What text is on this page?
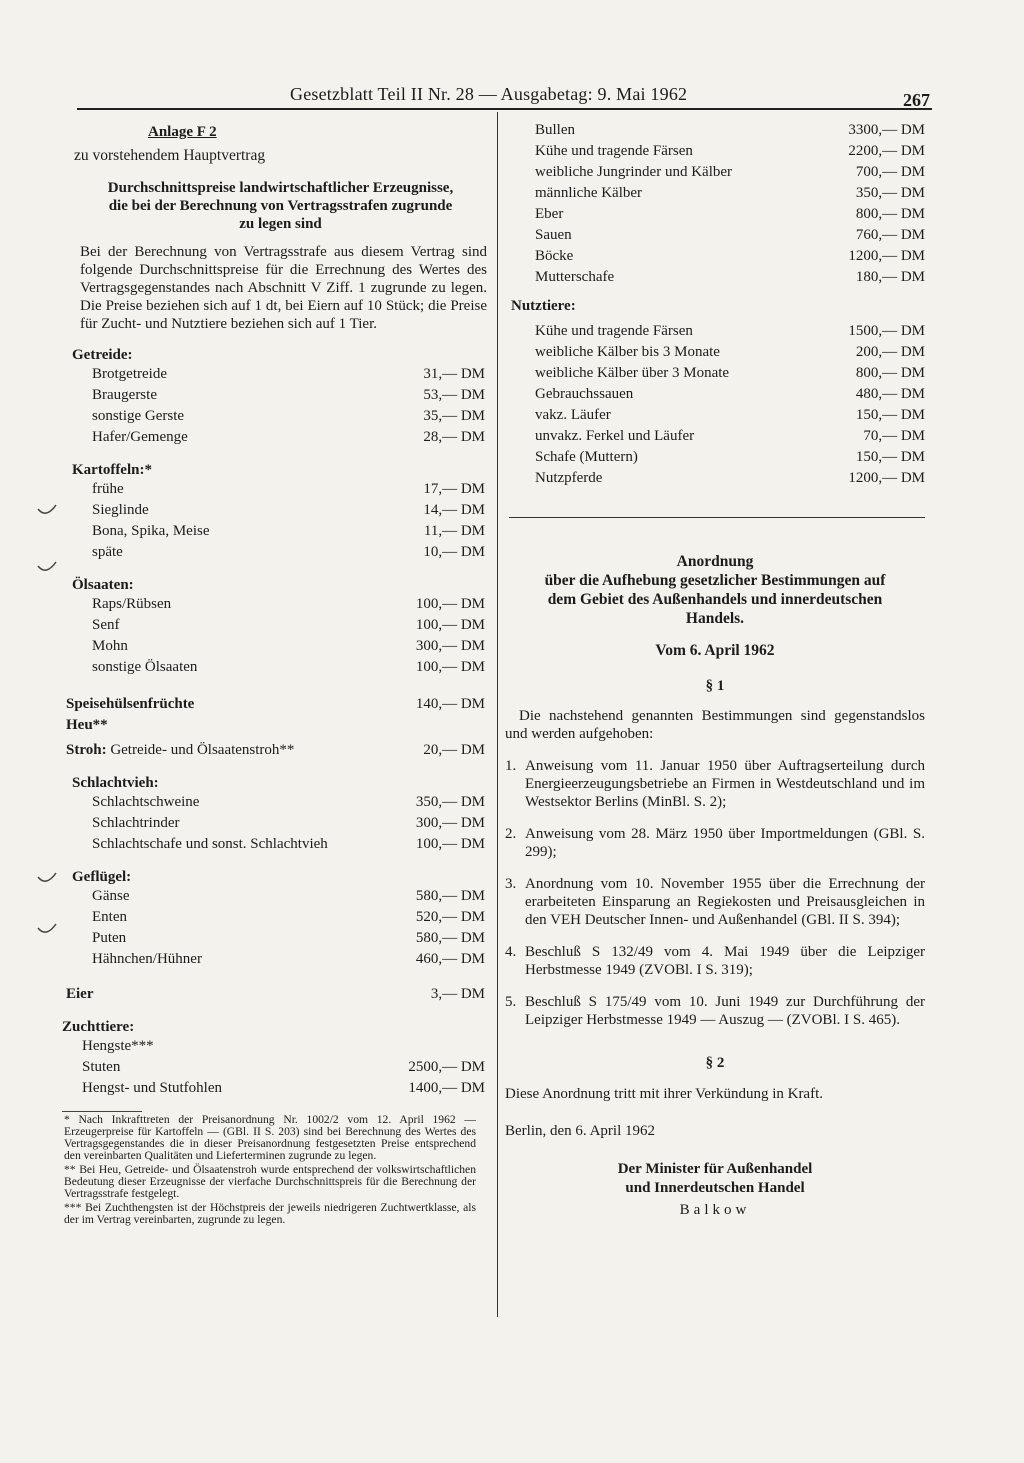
Gesetzblatt Teil II Nr. 28 — Ausgabetag: 9. Mai 1962	267
Anlage F 2
zu vorstehendem Hauptvertrag
Durchschnittspreise landwirtschaftlicher Erzeugnisse,
die bei der Berechnung von Vertragsstrafen zugrunde
zu legen sind
Bei der Berechnung von Vertragsstrafe aus diesem Vertrag sind folgende Durchschnittspreise für die Errechnung des Wertes des Vertragsgegenstandes nach Abschnitt V Ziff. 1 zugrunde zu legen. Die Preise beziehen sich auf 1 dt, bei Eiern auf 10 Stück; die Preise für Zucht- und Nutztiere beziehen sich auf 1 Tier.
Getreide:
Brotgetreide	31,— DM
Braugerste	53,— DM
sonstige Gerste	35,— DM
Hafer/Gemenge	28,— DM
Kartoffeln:*
frühe	17,— DM
Sieglinde	14,— DM
Bona, Spika, Meise	11,— DM
späte	10,— DM
Ölsaaten:
Raps/Rübsen	100,— DM
Senf	100,— DM
Mohn	300,— DM
sonstige Ölsaaten	100,— DM
Speisehülsenfrüchte	140,— DM
Heu**
Stroh: Getreide- und Ölsaatenstroh**	20,— DM
Schlachtvieh:
Schlachtschweine	350,— DM
Schlachtrinder	300,— DM
Schlachtschafe und sonst. Schlachtvieh	100,— DM
Geflügel:
Gänse	580,— DM
Enten	520,— DM
Puten	580,— DM
Hähnchen/Hühner	460,— DM
Eier	3,— DM
Zuchttiere:
Hengste***
Stuten	2500,— DM
Hengst- und Stutfohlen	1400,— DM
* Nach Inkrafttreten der Preisanordnung Nr. 1002/2 vom 12. April 1962 — Erzeugerpreise für Kartoffeln — (GBl. II S. 203) sind bei Berechnung des Wertes des Vertragsgegenstandes die in dieser Preisanordnung festgesetzten Preise entsprechend den vereinbarten Qualitäten und Lieferterminen zugrunde zu legen.
** Bei Heu, Getreide- und Ölsaatenstroh wurde entsprechend der volkswirtschaftlichen Bedeutung dieser Erzeugnisse der vierfache Durchschnittspreis für die Berechnung der Vertragsstrafe festgelegt.
*** Bei Zuchthengsten ist der Höchstpreis der jeweils niedrigeren Zuchtwertklasse, als der im Vertrag vereinbarten, zugrunde zu legen.
Bullen	3300,— DM
Kühe und tragende Färsen	2200,— DM
weibliche Jungrinder und Kälber	700,— DM
männliche Kälber	350,— DM
Eber	800,— DM
Sauen	760,— DM
Böcke	1200,— DM
Mutterschafe	180,— DM
Nutztiere:
Kühe und tragende Färsen	1500,— DM
weibliche Kälber bis 3 Monate	200,— DM
weibliche Kälber über 3 Monate	800,— DM
Gebrauchssauen	480,— DM
vakz. Läufer	150,— DM
unvakz. Ferkel und Läufer	70,— DM
Schafe (Muttern)	150,— DM
Nutzpferde	1200,— DM
Anordnung
über die Aufhebung gesetzlicher Bestimmungen auf
dem Gebiet des Außenhandels und innerdeutschen
Handels.
Vom 6. April 1962
§ 1
Die nachstehend genannten Bestimmungen sind gegenstandslos und werden aufgehoben:
1. Anweisung vom 11. Januar 1950 über Auftragserteilung durch Energieerzeugungsbetriebe an Firmen in Westdeutschland und im Westsektor Berlins (MinBl. S. 2);
2. Anweisung vom 28. März 1950 über Importmeldungen (GBl. S. 299);
3. Anordnung vom 10. November 1955 über die Errechnung der erarbeiteten Einsparung an Regiekosten und Preisausgleichen in den VEH Deutscher Innen- und Außenhandel (GBl. II S. 394);
4. Beschluß S 132/49 vom 4. Mai 1949 über die Leipziger Herbstmesse 1949 (ZVOBl. I S. 319);
5. Beschluß S 175/49 vom 10. Juni 1949 zur Durchführung der Leipziger Herbstmesse 1949 — Auszug — (ZVOBl. I S. 465).
§ 2
Diese Anordnung tritt mit ihrer Verkündung in Kraft.
Berlin, den 6. April 1962
Der Minister für Außenhandel
und Innerdeutschen Handel
Balkow
